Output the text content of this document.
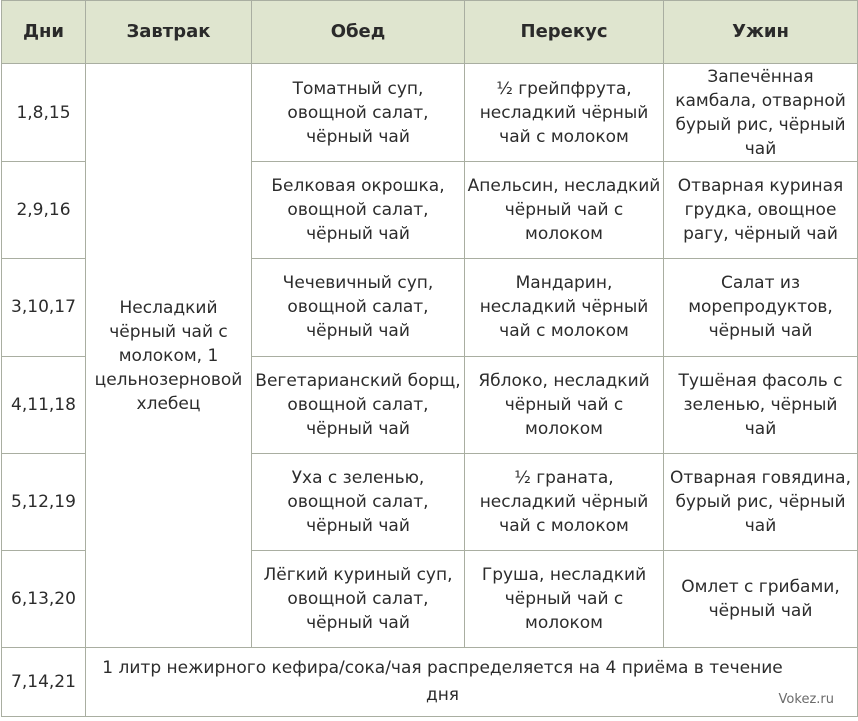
Дни	Завтрак	Обед	Перекус	Ужин
1,8,15	Несладкий чёрный чай с молоком, 1 цельнозерновой хлебец	Томатный суп, овощной салат, чёрный чай	½ грейпфрута, несладкий чёрный чай с молоком	Запечённая камбала, отварной бурый рис, чёрный чай
2,9,16		Белковая окрошка, овощной салат, чёрный чай	Апельсин, несладкий чёрный чай с молоком	Отварная куриная грудка, овощное рагу, чёрный чай
3,10,17		Чечевичный суп, овощной салат, чёрный чай	Мандарин, несладкий чёрный чай с молоком	Салат из морепродуктов, чёрный чай
4,11,18		Вегетарианский борщ, овощной салат, чёрный чай	Яблоко, несладкий чёрный чай с молоком	Тушёная фасоль с зеленью, чёрный чай
5,12,19		Уха с зеленью, овощной салат, чёрный чай	½ граната, несладкий чёрный чай с молоком	Отварная говядина, бурый рис, чёрный чай
6,13,20		Лёгкий куриный суп, овощной салат, чёрный чай	Груша, несладкий чёрный чай с молоком	Омлет с грибами, чёрный чай
7,14,21	1 литр нежирного кефира/сока/чая распределяется на 4 приёма в течение дня				Vokez.ru
